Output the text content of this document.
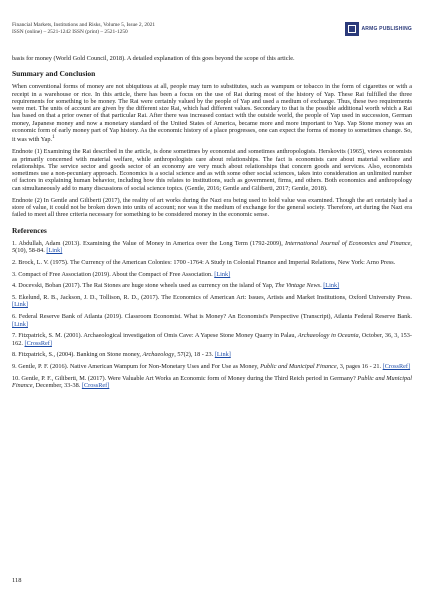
Financial Markets, Institutions and Risks, Volume 5, Issue 2, 2021
ISSN (online) – 2521-1242 ISSN (print) – 2521-1250	ARMG PUBLISHING

basis for money (World Gold Council, 2018). A detailed explanation of this goes beyond the scope of this article.

Summary and Conclusion

When conventional forms of money are not ubiquitous at all, people may turn to substitutes, such as wampum or tobacco in the form of cigarettes or with a receipt in a warehouse or rice. In this article, there has been a focus on the use of Rai during most of the history of Yap. These Rai fulfilled the three requirements for something to be money. The Rai were certainly valued by the people of Yap and used a medium of exchange. Thus, these two requirements were met. The units of account are given by the different size Rai, which had different values. Secondary to that is the possible additional worth which a Rai has based on that a prior owner of that particular Rai. After there was increased contact with the outside world, the people of Yap used in succession, German money, Japanese money and now a monetary standard of the United States of America, became more and more important to Yap. Yap Stone money was an economic form of early money part of Yap history. As the economic history of a place progresses, one can expect the forms of money to sometimes change. So, it was with Yap.$^1$

Endnote (1) Examining the Rai described in the article, is done sometimes by economist and sometimes anthropologists. Herskovits (1965), views economists as primarily concerned with material welfare, while anthropologists care about relationships. The fact is economists care about material welfare and relationships. The service sector and goods sector of an economy are very much about relationships that concern goods and services. Also, economists sometimes use a non-pecuniary approach. Economics is a social science and as with some other social sciences, takes into consideration an unlimited number of factors in explaining human behavior, including how this relates to institutions, such as government, firms, and others. Both economics and anthropology can simultaneously add to many discussions of social science topics. (Gentle, 2016; Gentle and Giliberti, 2017; Gentle, 2018).

Endnote (2) In Gentle and Giliberti (2017), the reality of art works during the Nazi era being used to hold value was examined. Though the art certainly had a store of value, it could not be broken down into units of account; nor was it the medium of exchange for the general society. Therefore, art during the Nazi era failed to meet all three criteria necessary for something to be considered money in the economic sense.

References
1. Abdullah, Adam (2013). Examining the Value of Money in America over the Long Term (1792-2009), International Journal of Economics and Finance, 5(10), 58-84. [Link]
2. Brock, L. V. (1975). The Currency of the American Colonies: 1700 -1764: A Study in Colonial Finance and Imperial Relations, New York: Arno Press.
3. Compact of Free Association (2019). About the Compact of Free Association. [Link]
4. Docevski, Boban (2017). The Rai Stones are huge stone wheels used as currency on the island of Yap, The Vintage News. [Link]
5. Ekelund, R. B., Jackson, J. D., Tollison, R. D., (2017). The Economics of American Art: Issues, Artists and Market Institutions, Oxford University Press. [Link]
6. Federal Reserve Bank of Atlanta (2019). Classroom Economist. What is Money? An Economist's Perspective (Transcript), Atlanta Federal Reserve Bank. [Link]
7. Fitzpatrick, S. M. (2001). Archaeological investigation of Omis Cave: A Yapese Stone Money Quarry in Palau, Archaeology in Oceania, October, 36, 3, 153-162. [CrossRef]
8. Fitzpatrick, S., (2004). Banking on Stone money, Archaeology, 57(2), 18 - 23. [Link]
9. Gentle, P. F. (2016). Native American Wampum for Non-Monetary Uses and For Use as Money, Public and Municipal Finance, 3, pages 16 - 21. [CrossRef]
10. Gentle, P. F., Giliberti, M. (2017). Were Valuable Art Works an Economic form of Money during the Third Reich period in Germany? Public and Municipal Finance, December, 33-38. [CrossRef]
118
